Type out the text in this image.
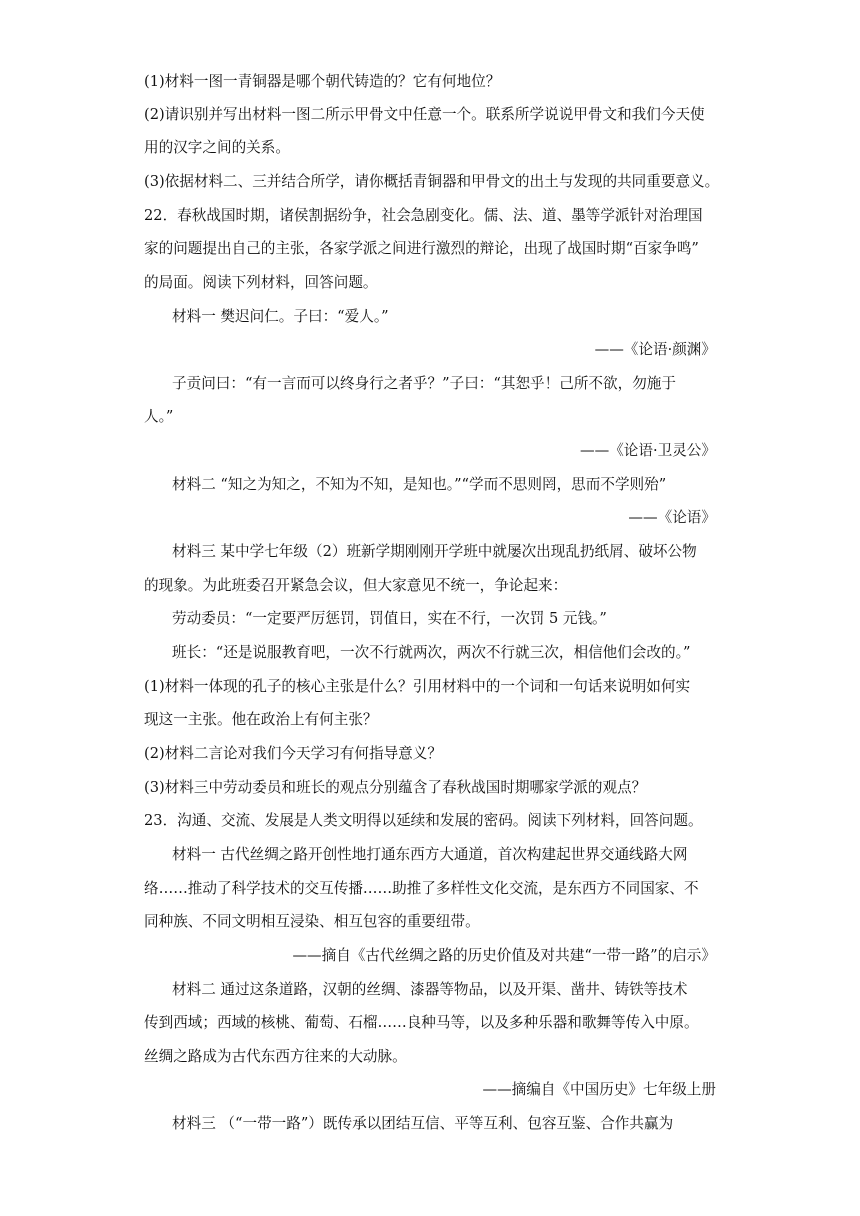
(1)材料一图一青铜器是哪个朝代铸造的？它有何地位？
(2)请识别并写出材料一图二所示甲骨文中任意一个。联系所学说说甲骨文和我们今天使
用的汉字之间的关系。
(3)依据材料二、三并结合所学，请你概括青铜器和甲骨文的出土与发现的共同重要意义。
22．春秋战国时期，诸侯割据纷争，社会急剧变化。儒、法、道、墨等学派针对治理国
家的问题提出自己的主张，各家学派之间进行激烈的辩论，出现了战国时期“百家争鸣”
的局面。阅读下列材料，回答问题。
材料一 樊迟问仁。子曰：“爱人。”
——《论语·颜渊》
子贡问曰：“有一言而可以终身行之者乎？”子曰：“其恕乎！己所不欲，勿施于
人。”
——《论语·卫灵公》
材料二 “知之为知之，不知为不知，是知也。”“学而不思则罔，思而不学则殆”
——《论语》
材料三 某中学七年级（2）班新学期刚刚开学班中就屡次出现乱扔纸屑、破坏公物
的现象。为此班委召开紧急会议，但大家意见不统一，争论起来：
劳动委员：“一定要严厉惩罚，罚值日，实在不行，一次罚 5 元钱。”
班长：“还是说服教育吧，一次不行就两次，两次不行就三次，相信他们会改的。”
(1)材料一体现的孔子的核心主张是什么？引用材料中的一个词和一句话来说明如何实
现这一主张。他在政治上有何主张？
(2)材料二言论对我们今天学习有何指导意义？
(3)材料三中劳动委员和班长的观点分别蕴含了春秋战国时期哪家学派的观点？
23．沟通、交流、发展是人类文明得以延续和发展的密码。阅读下列材料，回答问题。
材料一 古代丝绸之路开创性地打通东西方大通道，首次构建起世界交通线路大网
络……推动了科学技术的交互传播……助推了多样性文化交流，是东西方不同国家、不
同种族、不同文明相互浸染、相互包容的重要纽带。
——摘自《古代丝绸之路的历史价值及对共建“一带一路”的启示》
材料二 通过这条道路，汉朝的丝绸、漆器等物品，以及开渠、凿井、铸铁等技术
传到西域；西域的核桃、葡萄、石榴……良种马等，以及多种乐器和歌舞等传入中原。
丝绸之路成为古代东西方往来的大动脉。
——摘编自《中国历史》七年级上册
材料三 （“一带一路”）既传承以团结互信、平等互利、包容互鉴、合作共赢为
